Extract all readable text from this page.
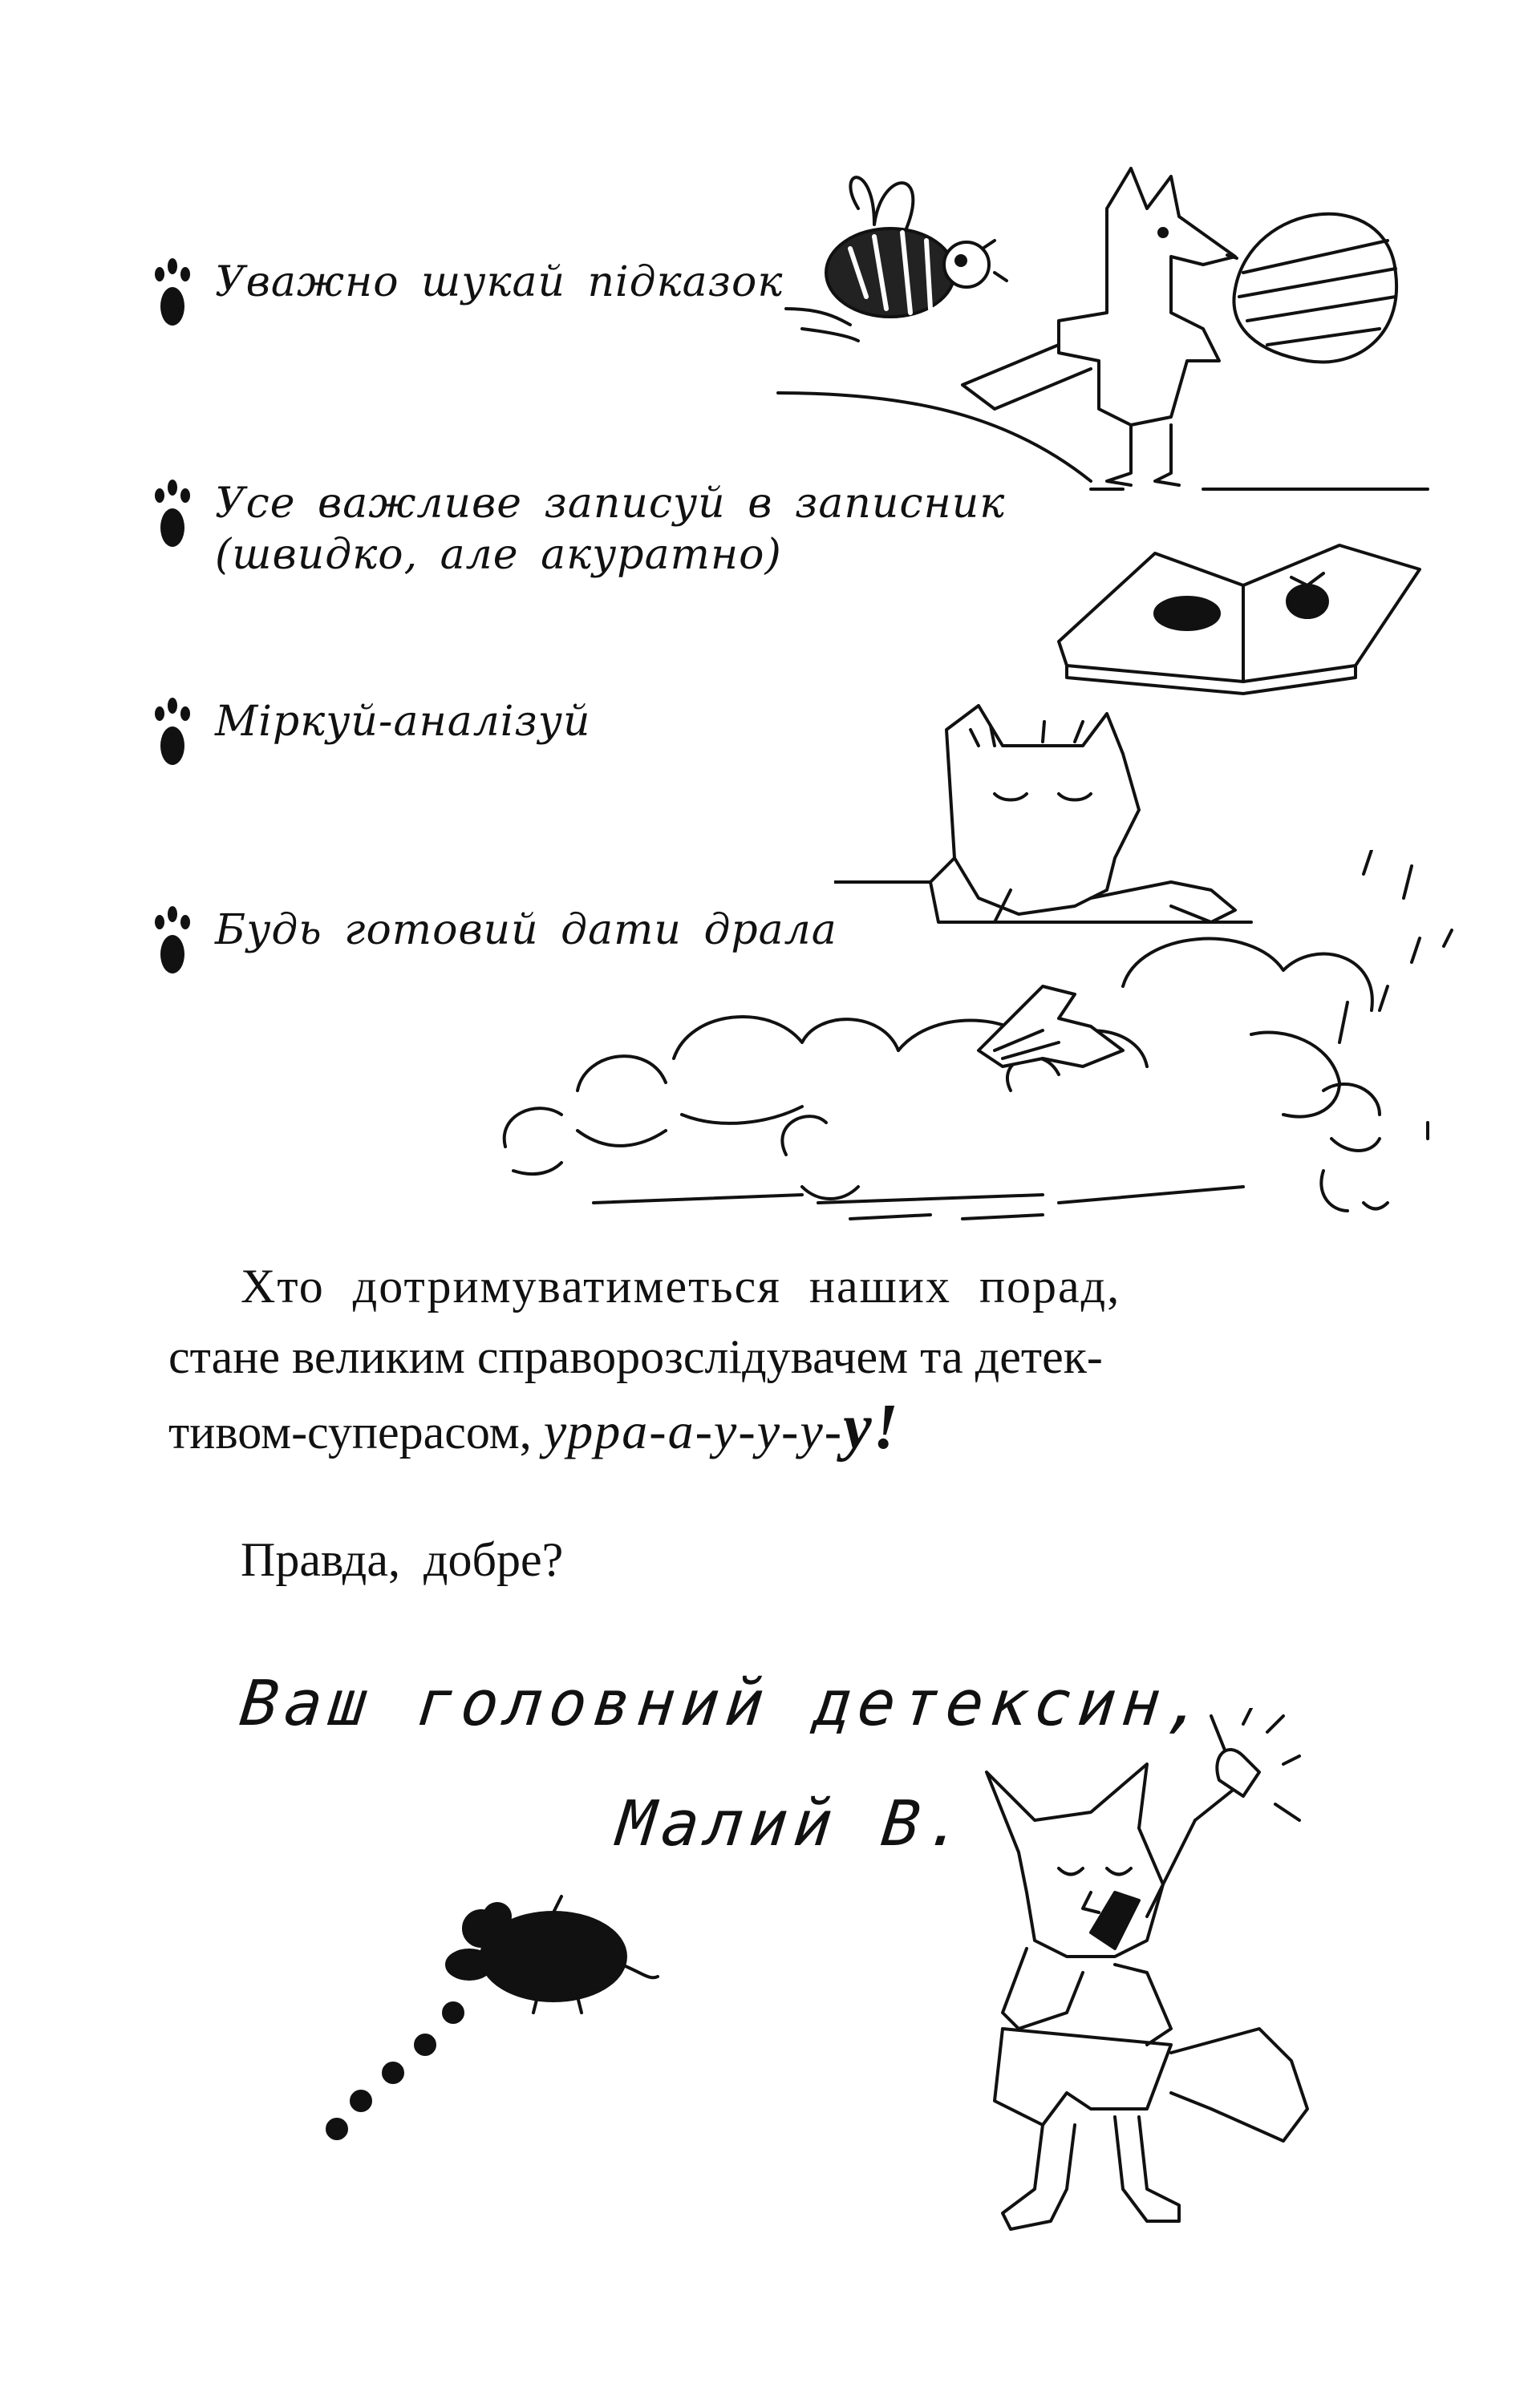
Уважно шукай підказок
Усе важливе записуй в записник
(швидко, але акуратно)
Міркуй-аналізуй
Будь готовий дати драла
Хто дотримуватиметься наших порад,
стане великим справорозслідувачем та детек-
тивом-суперасом, урра-а-у-у-у-у!
Правда, добре?
Ваш головний детексин,
Малий В.
